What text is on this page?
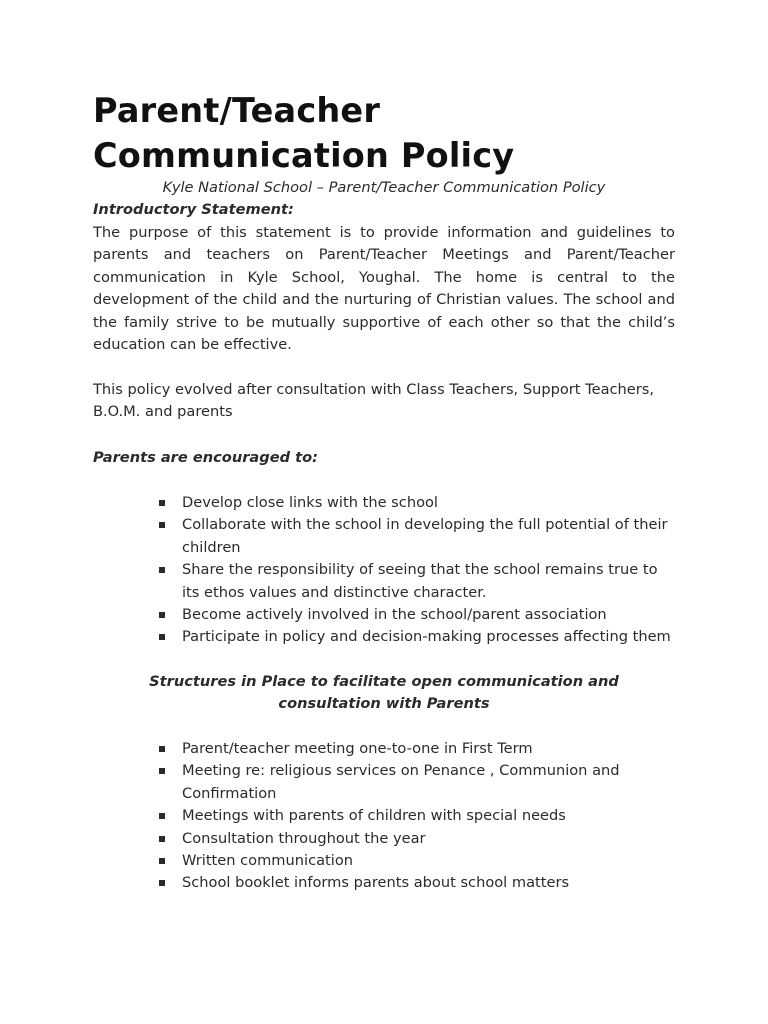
Parent/Teacher
Communication Policy
Kyle National School – Parent/Teacher Communication Policy
Introductory Statement:

The purpose of this statement is to provide information and guidelines to parents and teachers on Parent/Teacher Meetings and Parent/Teacher communication in Kyle School, Youghal. The home is central to the development of the child and the nurturing of Christian values. The school and the family strive to be mutually supportive of each other so that the child’s education can be effective.

This policy evolved after consultation with Class Teachers, Support Teachers, B.O.M. and parents

Parents are encouraged to:
Develop close links with the school
Collaborate with the school in developing the full potential of their children
Share the responsibility of seeing that the school remains true to its ethos values and distinctive character.
Become actively involved in the school/parent association
Participate in policy and decision-making processes affecting them
Structures in Place to facilitate open communication and
consultation with Parents
Parent/teacher meeting one-to-one in First Term
Meeting re: religious services on Penance , Communion and Confirmation
Meetings with parents of children with special needs
Consultation throughout the year
Written communication
School booklet informs parents about school matters
